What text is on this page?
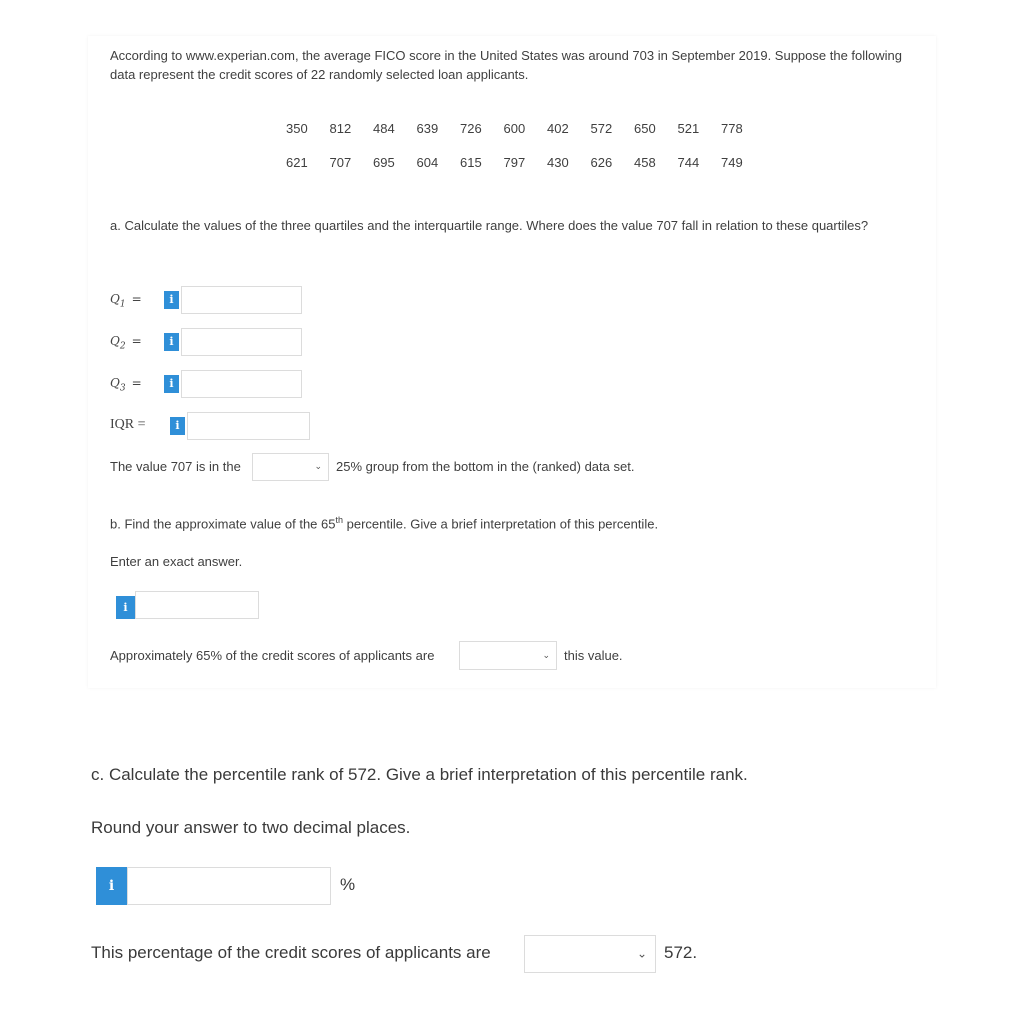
According to www.experian.com, the average FICO score in the United States was around 703 in September 2019. Suppose the following data represent the credit scores of 22 randomly selected loan applicants.
350 812 484 639 726 600 402 572 650 521 778
621 707 695 604 615 797 430 626 458 744 749
a. Calculate the values of the three quartiles and the interquartile range. Where does the value 707 fall in relation to these quartiles?
$Q_1$ =	i
$Q_2$ =	i
$Q_3$ =	i
IQR =	i
The value 707 is in the	⌄ 25% group from the bottom in the (ranked) data set.
b. Find the approximate value of the 65th percentile. Give a brief interpretation of this percentile.
Enter an exact answer.
i
Approximately 65% of the credit scores of applicants are	⌄ this value.
c. Calculate the percentile rank of 572. Give a brief interpretation of this percentile rank.
Round your answer to two decimal places.
i	%
This percentage of the credit scores of applicants are	⌄ 572.
